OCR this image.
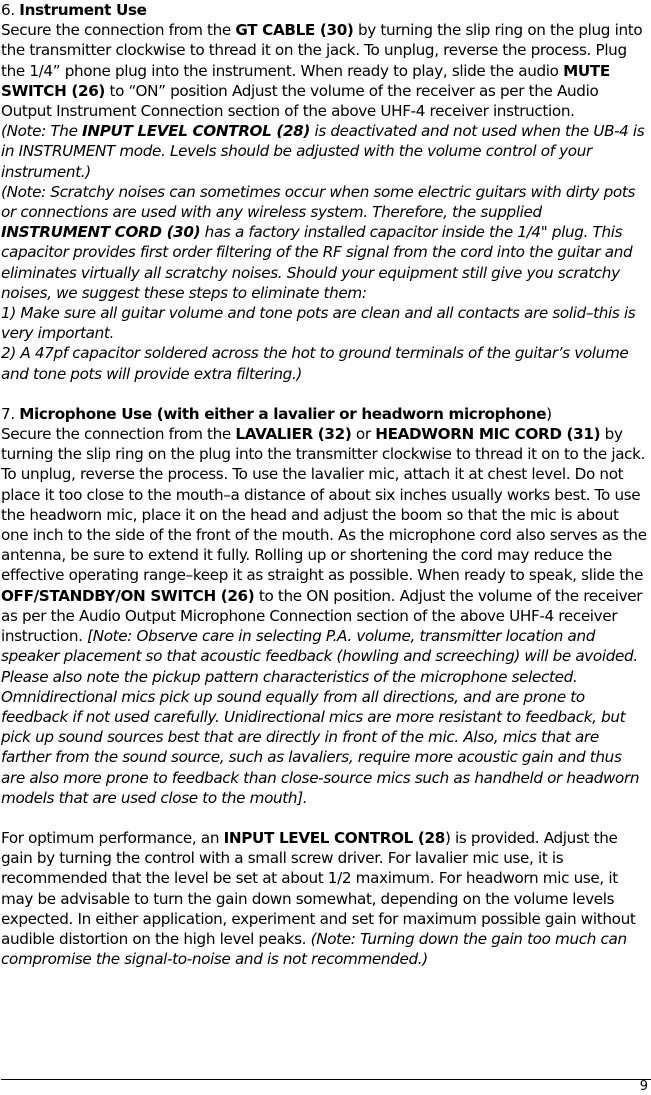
6. Instrument Use

Secure the connection from the GT CABLE (30) by turning the slip ring on the plug into the transmitter clockwise to thread it on the jack. To unplug, reverse the process. Plug the 1/4” phone plug into the instrument. When ready to play, slide the audio MUTE SWITCH (26) to “ON” position Adjust the volume of the receiver as per the Audio Output Instrument Connection section of the above UHF-4 receiver instruction.

(Note: The INPUT LEVEL CONTROL (28) is deactivated and not used when the UB-4 is in INSTRUMENT mode. Levels should be adjusted with the volume control of your instrument.)

(Note: Scratchy noises can sometimes occur when some electric guitars with dirty pots or connections are used with any wireless system. Therefore, the supplied INSTRUMENT CORD (30) has a factory installed capacitor inside the 1/4" plug. This capacitor provides first order filtering of the RF signal from the cord into the guitar and eliminates virtually all scratchy noises. Should your equipment still give you scratchy noises, we suggest these steps to eliminate them:

1) Make sure all guitar volume and tone pots are clean and all contacts are solid–this is very important.

2) A 47pf capacitor soldered across the hot to ground terminals of the guitar’s volume and tone pots will provide extra filtering.)

7. Microphone Use (with either a lavalier or headworn microphone)

Secure the connection from the LAVALIER (32) or HEADWORN MIC CORD (31) by turning the slip ring on the plug into the transmitter clockwise to thread it on to the jack. To unplug, reverse the process. To use the lavalier mic, attach it at chest level. Do not place it too close to the mouth–a distance of about six inches usually works best. To use the headworn mic, place it on the head and adjust the boom so that the mic is about one inch to the side of the front of the mouth. As the microphone cord also serves as the antenna, be sure to extend it fully. Rolling up or shortening the cord may reduce the effective operating range–keep it as straight as possible. When ready to speak, slide the OFF/STANDBY/ON SWITCH (26) to the ON position. Adjust the volume of the receiver as per the Audio Output Microphone Connection section of the above UHF-4 receiver instruction. [Note: Observe care in selecting P.A. volume, transmitter location and speaker placement so that acoustic feedback (howling and screeching) will be avoided. Please also note the pickup pattern characteristics of the microphone selected. Omnidirectional mics pick up sound equally from all directions, and are prone to feedback if not used carefully. Unidirectional mics are more resistant to feedback, but pick up sound sources best that are directly in front of the mic. Also, mics that are farther from the sound source, such as lavaliers, require more acoustic gain and thus are also more prone to feedback than close-source mics such as handheld or headworn models that are used close to the mouth].

For optimum performance, an INPUT LEVEL CONTROL (28) is provided. Adjust the gain by turning the control with a small screw driver. For lavalier mic use, it is recommended that the level be set at about 1/2 maximum. For headworn mic use, it may be advisable to turn the gain down somewhat, depending on the volume levels expected. In either application, experiment and set for maximum possible gain without audible distortion on the high level peaks. (Note: Turning down the gain too much can compromise the signal-to-noise and is not recommended.)

9
